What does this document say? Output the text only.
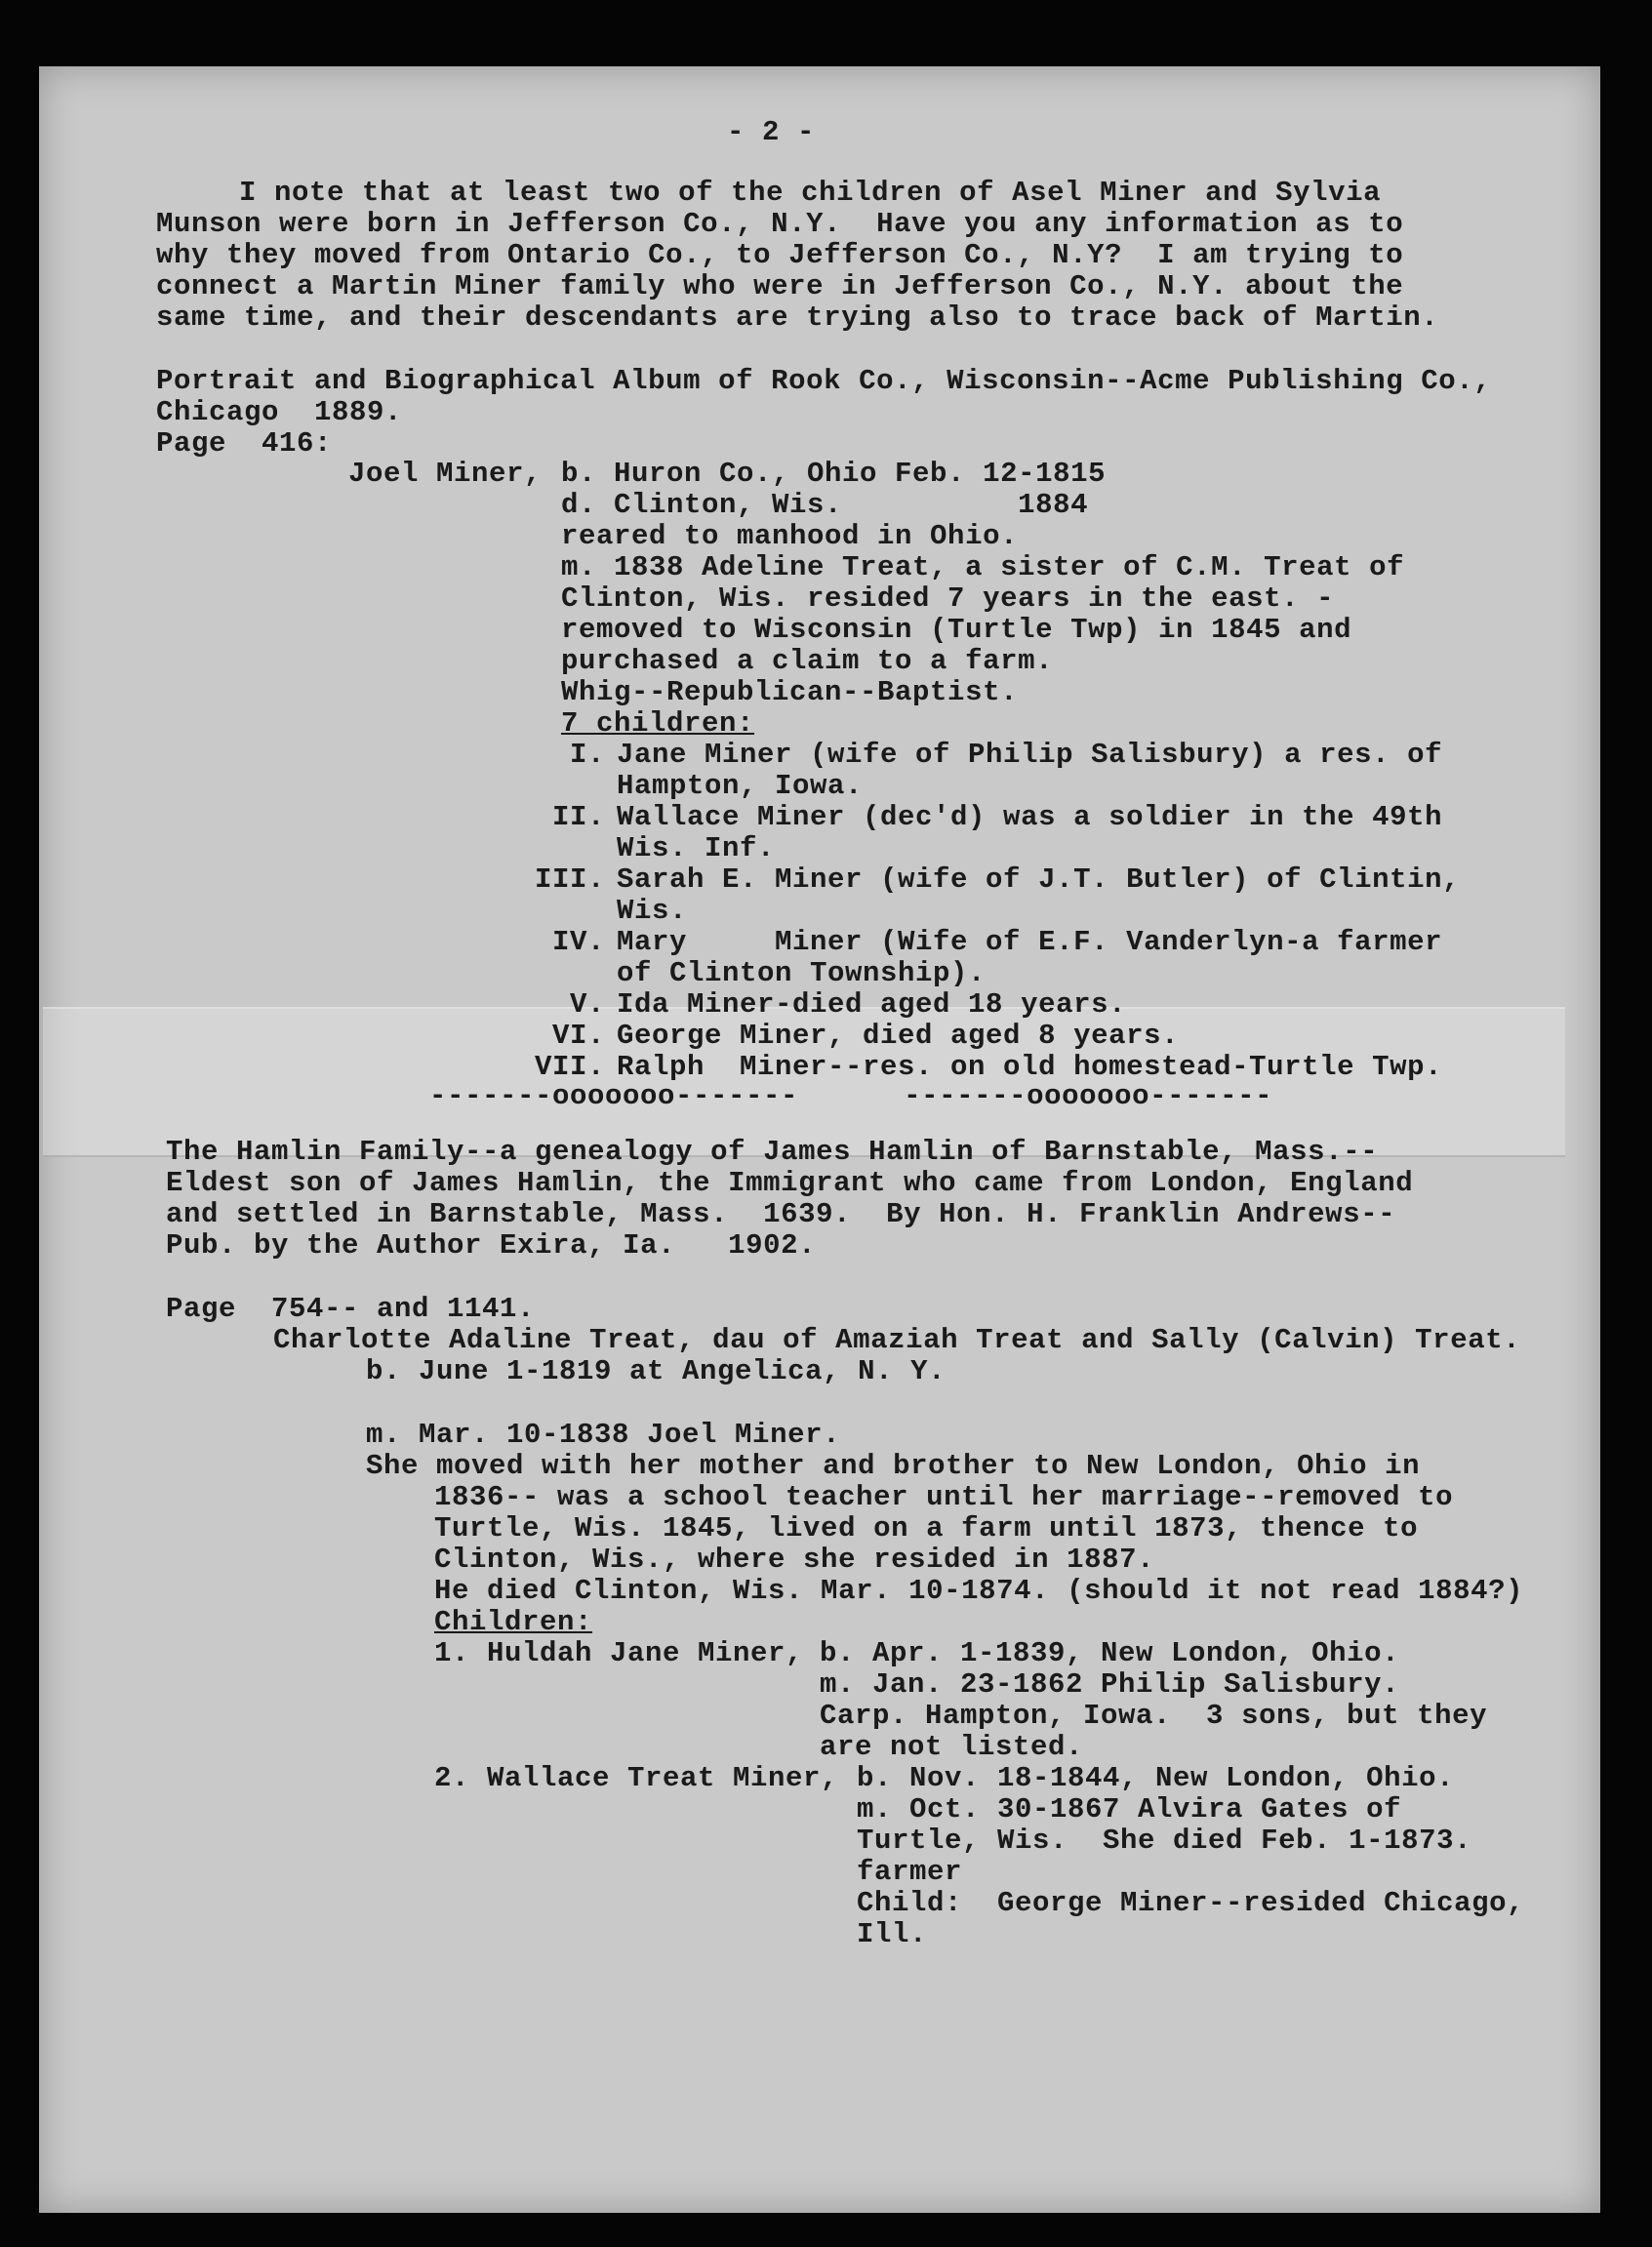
- 2 -
I note that at least two of the children of Asel Miner and Sylvia
Munson were born in Jefferson Co., N.Y.  Have you any information as to
why they moved from Ontario Co., to Jefferson Co., N.Y?  I am trying to
connect a Martin Miner family who were in Jefferson Co., N.Y. about the
same time, and their descendants are trying also to trace back of Martin.
Portrait and Biographical Album of Rook Co., Wisconsin--Acme Publishing Co.,
Chicago  1889.
Page  416:
Joel Miner, b. Huron Co., Ohio Feb. 12-1815
d. Clinton, Wis.          1884
reared to manhood in Ohio.
m. 1838 Adeline Treat, a sister of C.M. Treat of
Clinton, Wis. resided 7 years in the east. -
removed to Wisconsin (Turtle Twp) in 1845 and
purchased a claim to a farm.
Whig--Republican--Baptist.
7 children:
I. Jane Miner (wife of Philip Salisbury) a res. of
Hampton, Iowa.
II. Wallace Miner (dec'd) was a soldier in the 49th
Wis. Inf.
III. Sarah E. Miner (wife of J.T. Butler) of Clintin,
Wis.
IV. Mary     Miner (Wife of E.F. Vanderlyn-a farmer
of Clinton Township).
V. Ida Miner-died aged 18 years.
VI. George Miner, died aged 8 years.
VII. Ralph  Miner--res. on old homestead-Turtle Twp.
-------ooooooo-------      -------ooooooo-------
The Hamlin Family--a genealogy of James Hamlin of Barnstable, Mass.--
Eldest son of James Hamlin, the Immigrant who came from London, England
and settled in Barnstable, Mass.  1639.  By Hon. H. Franklin Andrews--
Pub. by the Author Exira, Ia.   1902.
Page  754-- and 1141.
Charlotte Adaline Treat, dau of Amaziah Treat and Sally (Calvin) Treat.
b. June 1-1819 at Angelica, N. Y.
m. Mar. 10-1838 Joel Miner.
She moved with her mother and brother to New London, Ohio in
1836-- was a school teacher until her marriage--removed to
Turtle, Wis. 1845, lived on a farm until 1873, thence to
Clinton, Wis., where she resided in 1887.
He died Clinton, Wis. Mar. 10-1874. (should it not read 1884?)
Children:
1. Huldah Jane Miner, b. Apr. 1-1839, New London, Ohio.
m. Jan. 23-1862 Philip Salisbury.
Carp. Hampton, Iowa.  3 sons, but they
are not listed.
2. Wallace Treat Miner, b. Nov. 18-1844, New London, Ohio.
m. Oct. 30-1867 Alvira Gates of
Turtle, Wis.  She died Feb. 1-1873.
farmer
Child:  George Miner--resided Chicago,
Ill.
